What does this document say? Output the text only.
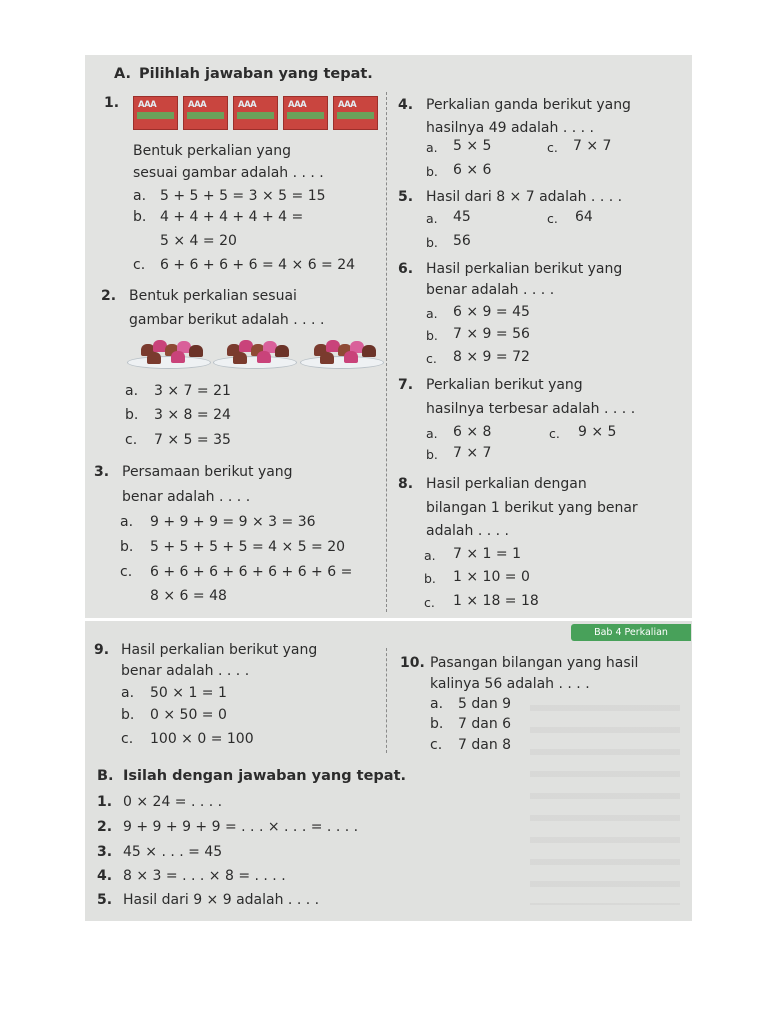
A. Pilihlah jawaban yang tepat.
1. AAA	AAA	AAA	AAA	AAA
Bentuk perkalian yang
sesuai gambar adalah . . . .
a. 5 + 5 + 5 = 3 × 5 = 15
b. 4 + 4 + 4 + 4 + 4 =
5 × 4 = 20
c. 6 + 6 + 6 + 6 = 4 × 6 = 24
2. Bentuk perkalian sesuai
gambar berikut adalah . . . .
a. 3 × 7 = 21
b. 3 × 8 = 24
c. 7 × 5 = 35
3. Persamaan berikut yang
benar adalah . . . .
a. 9 + 9 + 9 = 9 × 3 = 36
b. 5 + 5 + 5 + 5 = 4 × 5 = 20
c. 6 + 6 + 6 + 6 + 6 + 6 + 6 =
8 × 6 = 48
4. Perkalian ganda berikut yang
hasilnya 49 adalah . . . .
a. 5 × 5	c. 7 × 7
b. 6 × 6
5. Hasil dari 8 × 7 adalah . . . .
a. 45	c. 64
b. 56
6. Hasil perkalian berikut yang
benar adalah . . . .
a. 6 × 9 = 45
b. 7 × 9 = 56
c. 8 × 9 = 72
7. Perkalian berikut yang
hasilnya terbesar adalah . . . .
a. 6 × 8	c. 9 × 5
b. 7 × 7
8. Hasil perkalian dengan
bilangan 1 berikut yang benar
adalah . . . .
a. 7 × 1 = 1
b. 1 × 10 = 0
c. 1 × 18 = 18
Bab 4 Perkalian
9. Hasil perkalian berikut yang
benar adalah . . . .
a. 50 × 1 = 1
b. 0 × 50 = 0
c. 100 × 0 = 100
10. Pasangan bilangan yang hasil
kalinya 56 adalah . . . .
a. 5 dan 9
b. 7 dan 6
c. 7 dan 8
B. Isilah dengan jawaban yang tepat.
1. 0 × 24 = . . . .
2. 9 + 9 + 9 + 9 = . . . × . . . = . . . .
3. 45 × . . . = 45
4. 8 × 3 = . . . × 8 = . . . .
5. Hasil dari 9 × 9 adalah . . . .
